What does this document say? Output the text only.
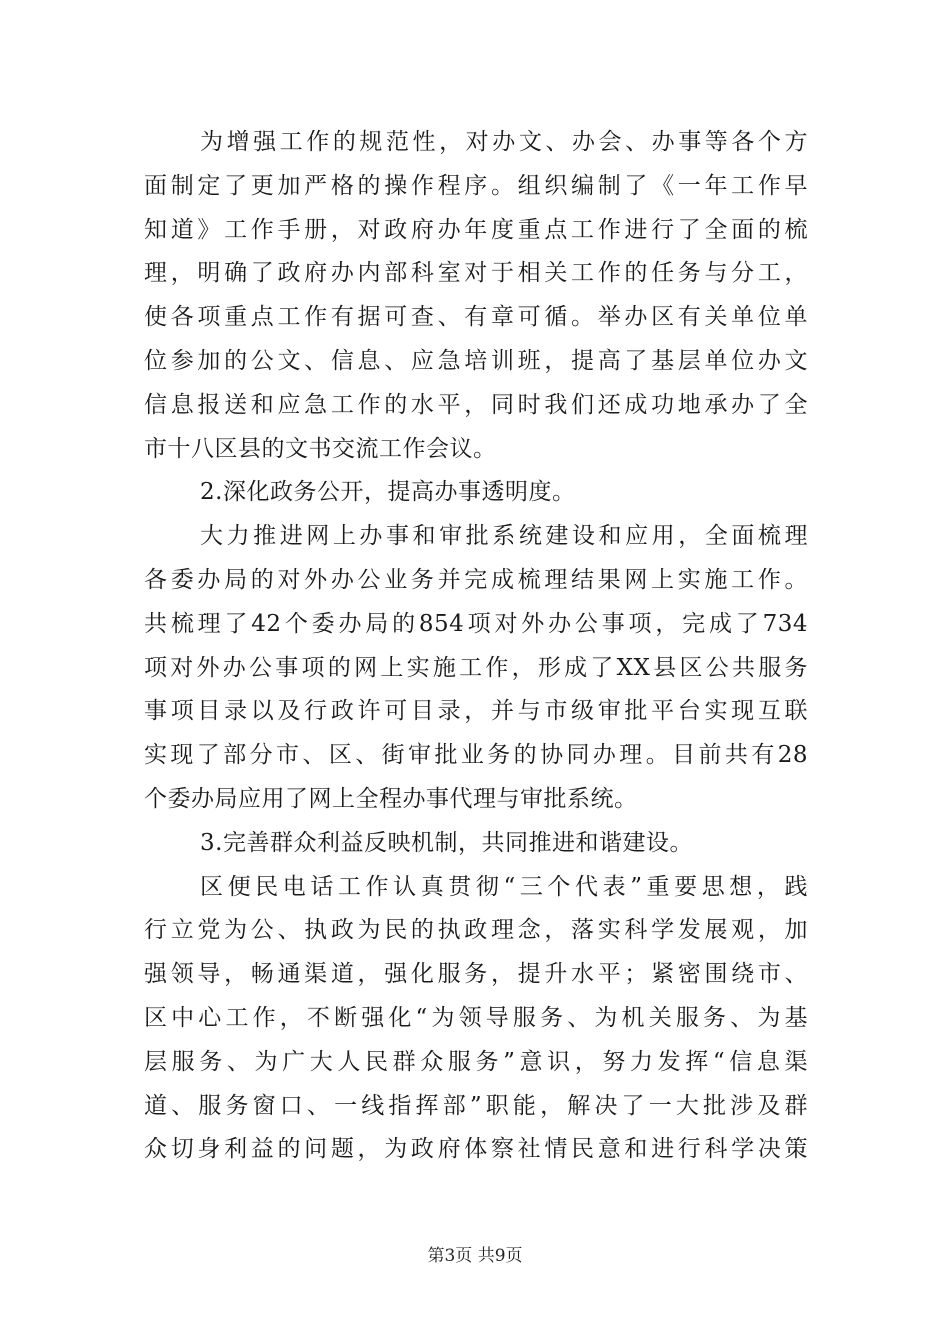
为增强工作的规范性，对办文、办会、办事等各个方
面制定了更加严格的操作程序。组织编制了《一年工作早
知道》工作手册，对政府办年度重点工作进行了全面的梳
理，明确了政府办内部科室对于相关工作的任务与分工，
使各项重点工作有据可查、有章可循。举办区有关单位单
位参加的公文、信息、应急培训班，提高了基层单位办文
信息报送和应急工作的水平，同时我们还成功地承办了全
市十八区县的文书交流工作会议。
2.深化政务公开，提高办事透明度。
大力推进网上办事和审批系统建设和应用，全面梳理
各委办局的对外办公业务并完成梳理结果网上实施工作。
共梳理了42个委办局的854项对外办公事项，完成了734
项对外办公事项的网上实施工作，形成了XX县区公共服务
事项目录以及行政许可目录，并与市级审批平台实现互联
实现了部分市、区、街审批业务的协同办理。目前共有28
个委办局应用了网上全程办事代理与审批系统。
3.完善群众利益反映机制，共同推进和谐建设。
区便民电话工作认真贯彻“三个代表”重要思想，践
行立党为公、执政为民的执政理念，落实科学发展观，加
强领导，畅通渠道，强化服务，提升水平；紧密围绕市、
区中心工作，不断强化“为领导服务、为机关服务、为基
层服务、为广大人民群众服务”意识，努力发挥“信息渠
道、服务窗口、一线指挥部”职能，解决了一大批涉及群
众切身利益的问题，为政府体察社情民意和进行科学决策
第3页 共9页
